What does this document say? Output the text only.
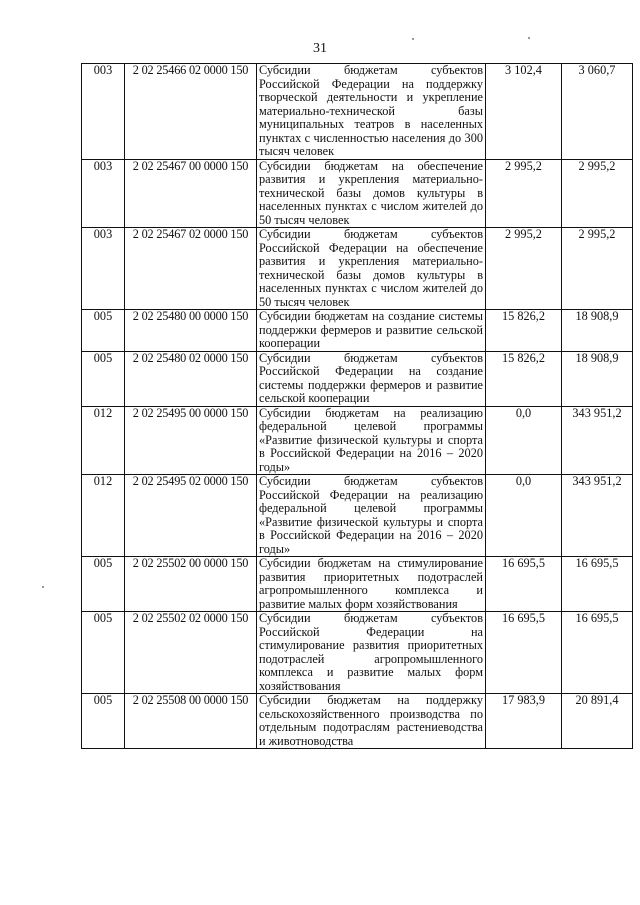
31
003	2 02 25466 02 0000 150	Субсидии бюджетам субъектов Российской Федерации на поддержку творческой деятельности и укрепление материально-технической базы муниципальных театров в населенных пунктах с численностью населения до 300 тысяч человек	3 102,4	3 060,7
003	2 02 25467 00 0000 150	Субсидии бюджетам на обеспечение развития и укрепления материально-технической базы домов культуры в населенных пунктах с числом жителей до 50 тысяч человек	2 995,2	2 995,2
003	2 02 25467 02 0000 150	Субсидии бюджетам субъектов Российской Федерации на обеспечение развития и укрепления материально-технической базы домов культуры в населенных пунктах с числом жителей до 50 тысяч человек	2 995,2	2 995,2
005	2 02 25480 00 0000 150	Субсидии бюджетам на создание системы поддержки фермеров и развитие сельской кооперации	15 826,2	18 908,9
005	2 02 25480 02 0000 150	Субсидии бюджетам субъектов Российской Федерации на создание системы поддержки фермеров и развитие сельской кооперации	15 826,2	18 908,9
012	2 02 25495 00 0000 150	Субсидии бюджетам на реализацию федеральной целевой программы «Развитие физической культуры и спорта в Российской Федерации на 2016 – 2020 годы»	0,0	343 951,2
012	2 02 25495 02 0000 150	Субсидии бюджетам субъектов Российской Федерации на реализацию федеральной целевой программы «Развитие физической культуры и спорта в Российской Федерации на 2016 – 2020 годы»	0,0	343 951,2
005	2 02 25502 00 0000 150	Субсидии бюджетам на стимулирование развития приоритетных подотраслей агропромышленного комплекса и развитие малых форм хозяйствования	16 695,5	16 695,5
005	2 02 25502 02 0000 150	Субсидии бюджетам субъектов Российской Федерации на стимулирование развития приоритетных подотраслей агропромышленного комплекса и развитие малых форм хозяйствования	16 695,5	16 695,5
005	2 02 25508 00 0000 150	Субсидии бюджетам на поддержку сельскохозяйственного производства по отдельным подотраслям растениеводства и животноводства	17 983,9	20 891,4
